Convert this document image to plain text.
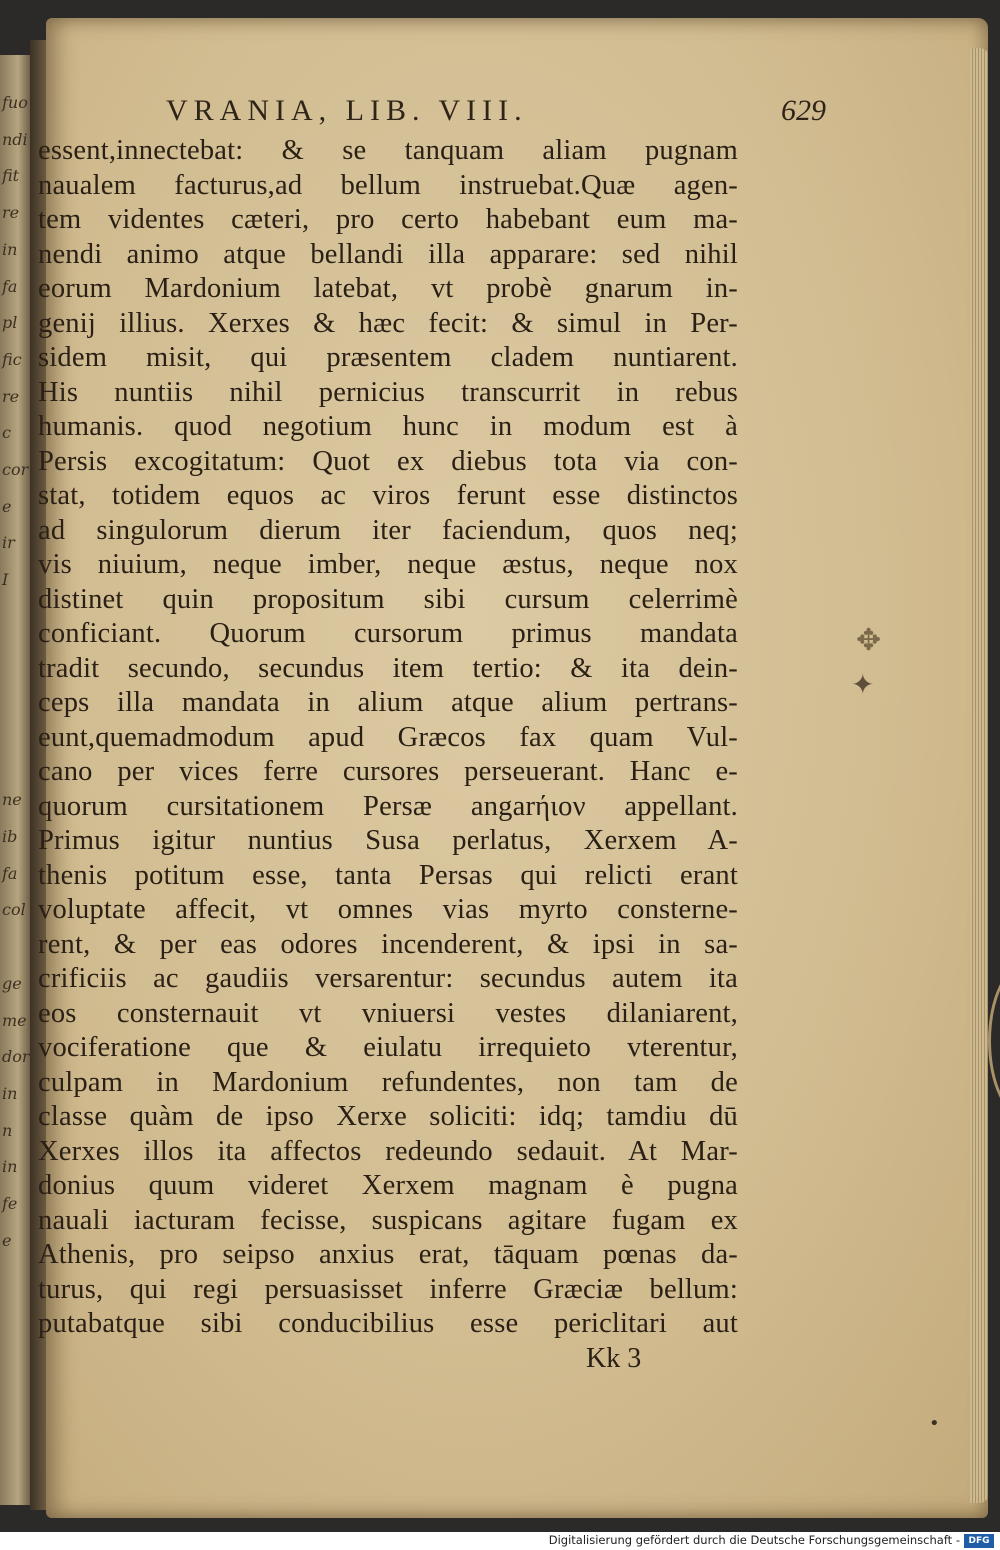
fuo
ndi
fit
re
in
fa
pl
fic
re
c
cor
e
ir
I

ne
ib
fa
col

ge
me
dor
in
n
in
fe
e
VRANIA, LIB. VIII.	629
essent,innectebat: & se tanquam aliam pugnam
naualem facturus,ad bellum instruebat.Quæ agen-
tem videntes cæteri, pro certo habebant eum ma-
nendi animo atque bellandi illa apparare: sed nihil
eorum Mardonium latebat, vt probè gnarum in-
genij illius. Xerxes & hæc fecit: & simul in Per-
sidem misit, qui præsentem cladem nuntiarent.
His nuntiis nihil pernicius transcurrit in rebus
humanis. quod negotium hunc in modum est à
Persis excogitatum: Quot ex diebus tota via con-
stat, totidem equos ac viros ferunt esse distinctos
ad singulorum dierum iter faciendum, quos neq;
vis niuium, neque imber, neque æstus, neque nox
distinet quin propositum sibi cursum celerrimè
conficiant. Quorum cursorum primus mandata
tradit secundo, secundus item tertio: & ita dein-
ceps illa mandata in alium atque alium pertrans-
eunt,quemadmodum apud Græcos fax quam Vul-
cano per vices ferre cursores perseuerant. Hanc e-
quorum cursitationem Persæ angarήιον appellant.
Primus igitur nuntius Susa perlatus, Xerxem A-
thenis potitum esse, tanta Persas qui relicti erant
voluptate affecit, vt omnes vias myrto consterne-
rent, & per eas odores incenderent, & ipsi in sa-
crificiis ac gaudiis versarentur: secundus autem ita
eos consternauit vt vniuersi vestes dilaniarent,
vociferatione que & eiulatu irrequieto vterentur,
culpam in Mardonium refundentes, non tam de
classe quàm de ipso Xerxe soliciti: idq; tamdiu dū
Xerxes illos ita affectos redeundo sedauit. At Mar-
donius quum videret Xerxem magnam è pugna
nauali iacturam fecisse, suspicans agitare fugam ex
Athenis, pro seipso anxius erat, tāquam pœnas da-
turus, qui regi persuasisset inferre Græciæ bellum:
putabatque sibi conducibilius esse periclitari aut
Kk 3
✥
✦
•
Digitalisierung gefördert durch die Deutsche Forschungsgemeinschaft - DFG
